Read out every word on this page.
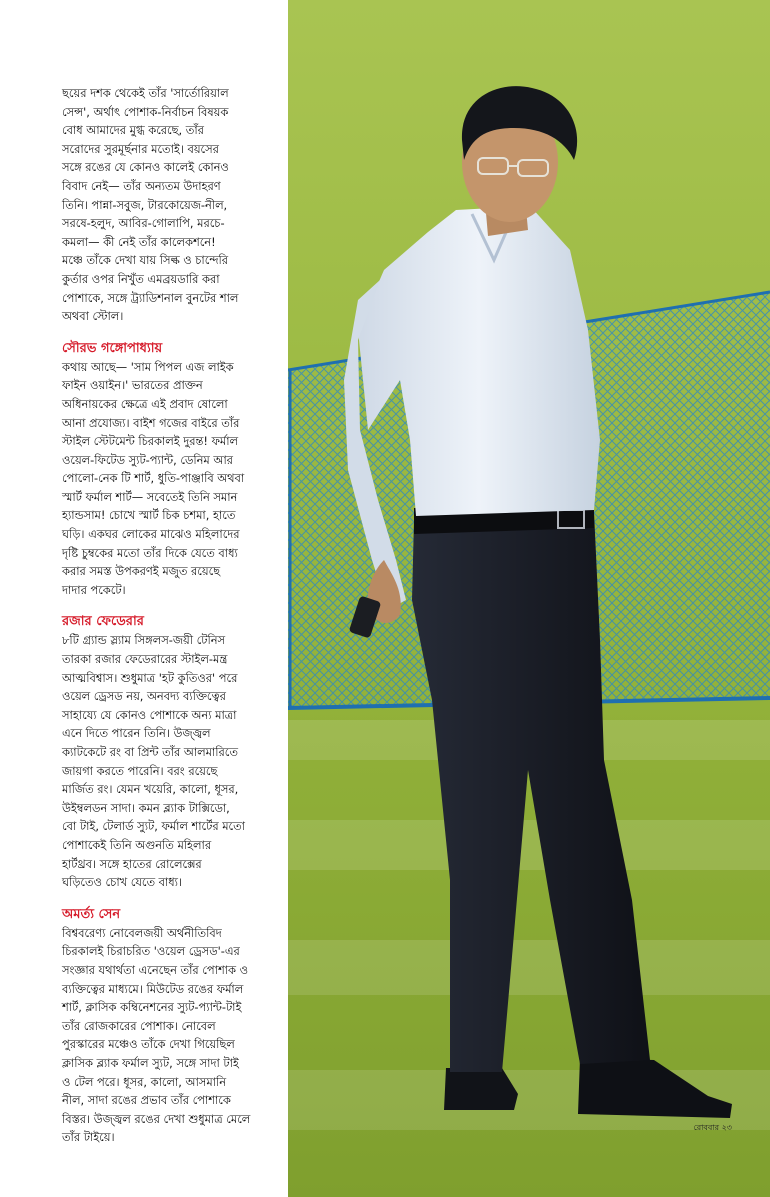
ছয়ের দশক থেকেই তাঁর 'সার্তোরিয়াল
সেন্স', অর্থাৎ পোশাক-নির্বাচন বিষয়ক
বোধ আমাদের মুগ্ধ করেছে, তাঁর
সরোদের সুরমূর্ছনার মতোই। বয়সের
সঙ্গে রঙের যে কোনও কালেই কোনও
বিবাদ নেই— তাঁর অন্যতম উদাহরণ
তিনি। পান্না-সবুজ, টারকোয়েজ-নীল,
সরষে-হলুদ, আবির-গোলাপি, মরচে-
কমলা— কী নেই তাঁর কালেকশনে!
মঞ্চে তাঁকে দেখা যায় সিল্ক ও চান্দেরি
কুর্তার ওপর নিখুঁত এমব্রয়ডারি করা
পোশাকে, সঙ্গে ট্র্যাডিশনাল বুনটের শাল
অথবা স্টোল।

সৌরভ গঙ্গোপাধ্যায়

কথায় আছে— 'সাম পিপল এজ লাইক
ফাইন ওয়াইন।' ভারতের প্রাক্তন
অধিনায়কের ক্ষেত্রে এই প্রবাদ ষোলো
আনা প্রযোজ্য। বাইশ গজের বাইরে তাঁর
স্টাইল স্টেটমেন্ট চিরকালই দুরন্ত! ফর্মাল
ওয়েল-ফিটেড স্যুট-প্যান্ট, ডেনিম আর
পোলো-নেক টি শার্ট, ধুতি-পাঞ্জাবি অথবা
স্মার্ট ফর্মাল শার্ট— সবেতেই তিনি সমান
হ্যান্ডসাম! চোখে স্মার্ট চিক চশমা, হাতে
ঘড়ি। একঘর লোকের মাঝেও মহিলাদের
দৃষ্টি চুম্বকের মতো তাঁর দিকে যেতে বাধ্য
করার সমস্ত উপকরণই মজুত রয়েছে
দাদার পকেটে।

রজার ফেডেরার

৮টি গ্র্যান্ড স্ল্যাম সিঙ্গলস-জয়ী টেনিস
তারকা রজার ফেডেরারের স্টাইল-মন্ত্র
আত্মবিশ্বাস। শুধুমাত্র 'হট কুতিওর' পরে
ওয়েল ড্রেসড নয়, অনবদ্য ব্যক্তিত্বের
সাহায্যে যে কোনও পোশাকে অন্য মাত্রা
এনে দিতে পারেন তিনি। উজ্জ্বল
ক্যাটকেটে রং বা প্রিন্ট তাঁর আলমারিতে
জায়গা করতে পারেনি। বরং রয়েছে
মার্জিত রং। যেমন খয়েরি, কালো, ধূসর,
উইম্বলডন সাদা। কমন ব্ল্যাক টাক্সিডো,
বো টাই, টেলার্ড স্যুট, ফর্মাল শার্টের মতো
পোশাকেই তিনি অগুনতি মহিলার
হার্টথ্রব। সঙ্গে হাতের রোলেক্সের
ঘড়িতেও চোখ যেতে বাধ্য।

অমর্ত্য সেন

বিশ্ববরেণ্য নোবেলজয়ী অর্থনীতিবিদ
চিরকালই চিরাচরিত 'ওয়েল ড্রেসড'-এর
সংজ্ঞার যথার্থতা এনেছেন তাঁর পোশাক ও
ব্যক্তিত্বের মাধ্যমে। মিউটেড রঙের ফর্মাল
শার্ট, ক্লাসিক কম্বিনেশনের স্যুট-প্যান্ট-টাই
তাঁর রোজকারের পোশাক। নোবেল
পুরস্কারের মঞ্চেও তাঁকে দেখা গিয়েছিল
ক্লাসিক ব্ল্যাক ফর্মাল স্যুট, সঙ্গে সাদা টাই
ও টেল পরে। ধূসর, কালো, আসমানি
নীল, সাদা রঙের প্রভাব তাঁর পোশাকে
বিস্তর। উজ্জ্বল রঙের দেখা শুধুমাত্র মেলে
তাঁর টাইয়ে।

রোববার ২৩
